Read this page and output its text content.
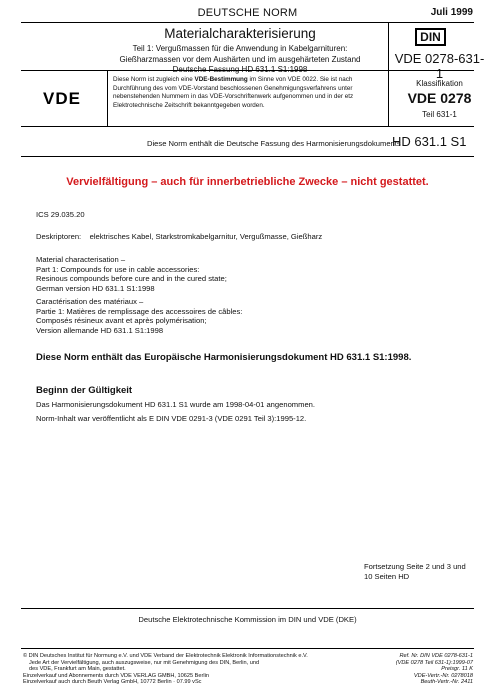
DEUTSCHE NORM	Juli 1999
Materialcharakterisierung
Teil 1: Vergußmassen für die Anwendung in Kabelgarnituren:
Gießharzmassen vor dem Aushärten und im ausgehärteten Zustand
Deutsche Fassung HD 631.1 S1:1998
DIN
VDE 0278-631-1
VDE
Diese Norm ist zugleich eine VDE-Bestimmung im Sinne von VDE 0022. Sie ist nach Durchführung des vom VDE-Vorstand beschlossenen Genehmigungsverfahrens unter nebenstehenden Nummern in das VDE-Vorschriftenwerk aufgenommen und in der etz Elektrotechnische Zeitschrift bekanntgegeben worden.
Klassifikation
VDE 0278
Teil 631-1
Diese Norm enthält die Deutsche Fassung des Harmonisierungsdokuments
HD 631.1 S1
Vervielfältigung – auch für innerbetriebliche Zwecke – nicht gestattet.
ICS 29.035.20
Deskriptoren:    elektrisches Kabel, Starkstromkabelgarnitur, Vergußmasse, Gießharz
Material characterisation –
Part 1: Compounds for use in cable accessories:
Resinous compounds before cure and in the cured state;
German version HD 631.1 S1:1998
Caractérisation des matériaux –
Partie 1: Matières de remplissage des accessoires de câbles:
Composés résineux avant et après polymérisation;
Version allemande HD 631.1 S1:1998
Diese Norm enthält das Europäische Harmonisierungsdokument HD 631.1 S1:1998.
Beginn der Gültigkeit
Das Harmonisierungsdokument HD 631.1 S1 wurde am 1998-04-01 angenommen.
Norm-Inhalt war veröffentlicht als E DIN VDE 0291-3 (VDE 0291 Teil 3):1995-12.
Fortsetzung Seite 2 und 3 und
10 Seiten HD
Deutsche Elektrotechnische Kommission im DIN und VDE (DKE)
© DIN Deutsches Institut für Normung e.V. und VDE Verband der Elektrotechnik Elektronik Informationstechnik e.V.
Jede Art der Vervielfältigung, auch auszugsweise, nur mit Genehmigung des DIN, Berlin, und
des VDE, Frankfurt am Main, gestattet.
Einzelverkauf und Abonnements durch VDE VERLAG GMBH, 10625 Berlin
Einzelverkauf auch durch Beuth Verlag GmbH, 10772 Berlin · 07.99 vSc
Ref. Nr. DIN VDE 0278-631-1
(VDE 0278 Teil 631-1):1999-07
Preisgr. 11 K
VDE-Vertr.-Nr. 0278018
Beuth-Vertr.-Nr. 2411
